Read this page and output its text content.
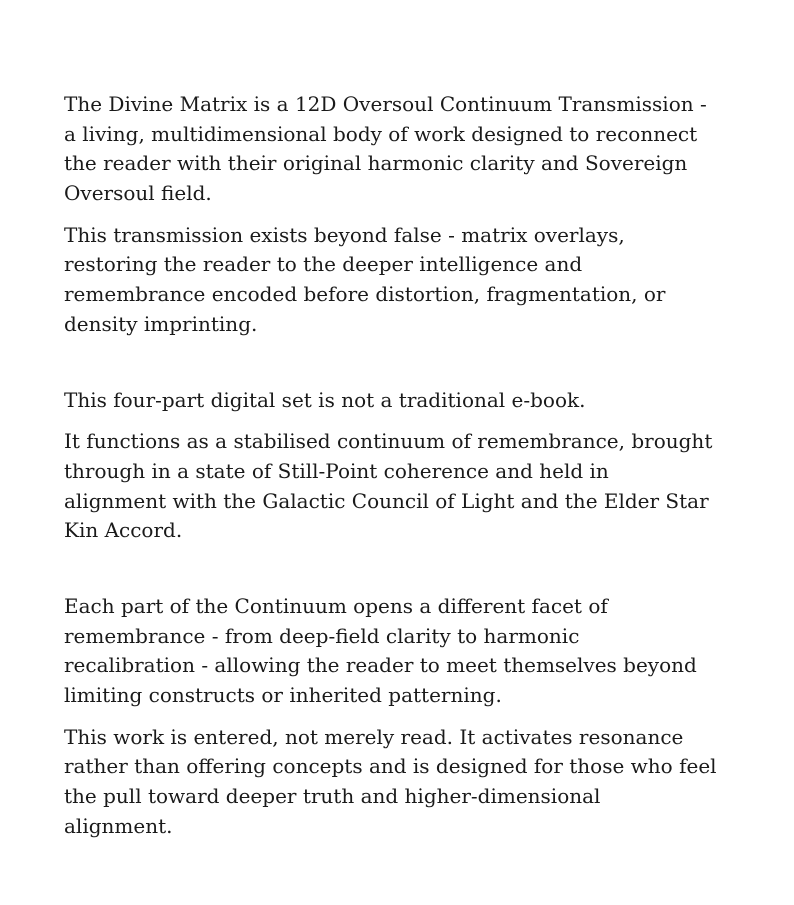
The Divine Matrix is a 12D Oversoul Continuum Transmission -
a living, multidimensional body of work designed to reconnect
the reader with their original harmonic clarity and Sovereign
Oversoul field.
This transmission exists beyond false - matrix overlays,
restoring the reader to the deeper intelligence and
remembrance encoded before distortion, fragmentation, or
density imprinting.
This four-part digital set is not a traditional e-book.
It functions as a stabilised continuum of remembrance, brought
through in a state of Still-Point coherence and held in
alignment with the Galactic Council of Light and the Elder Star
Kin Accord.
Each part of the Continuum opens a different facet of
remembrance - from deep-field clarity to harmonic
recalibration - allowing the reader to meet themselves beyond
limiting constructs or inherited patterning.
This work is entered, not merely read. It activates resonance
rather than offering concepts and is designed for those who feel
the pull toward deeper truth and higher-dimensional
alignment.
